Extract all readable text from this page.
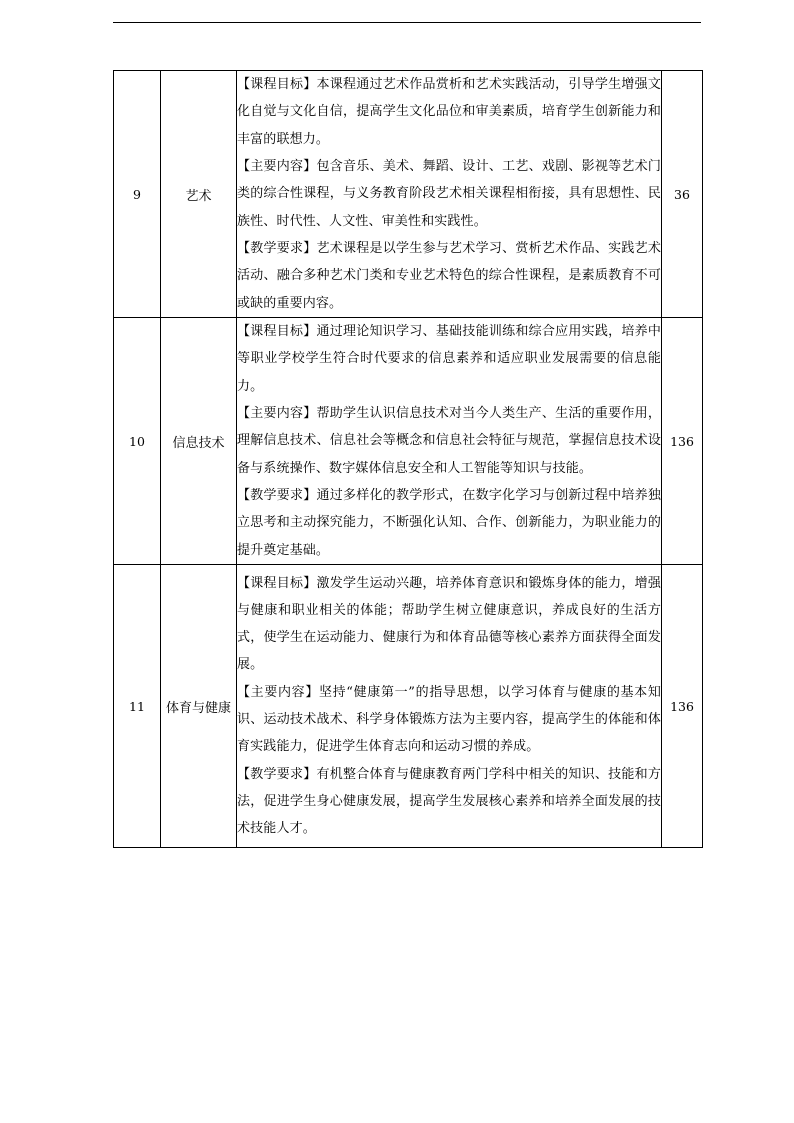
9	艺术	【课程目标】本课程通过艺术作品赏析和艺术实践活动，引导学生增强文化自觉与文化自信，提高学生文化品位和审美素质，培育学生创新能力和丰富的联想力。
【主要内容】包含音乐、美术、舞蹈、设计、工艺、戏剧、影视等艺术门类的综合性课程，与义务教育阶段艺术相关课程相衔接，具有思想性、民族性、时代性、人文性、审美性和实践性。
【教学要求】艺术课程是以学生参与艺术学习、赏析艺术作品、实践艺术活动、融合多种艺术门类和专业艺术特色的综合性课程，是素质教育不可或缺的重要内容。	36
10	信息技术	【课程目标】通过理论知识学习、基础技能训练和综合应用实践，培养中等职业学校学生符合时代要求的信息素养和适应职业发展需要的信息能力。
【主要内容】帮助学生认识信息技术对当今人类生产、生活的重要作用，理解信息技术、信息社会等概念和信息社会特征与规范，掌握信息技术设备与系统操作、数字媒体信息安全和人工智能等知识与技能。
【教学要求】通过多样化的教学形式，在数字化学习与创新过程中培养独立思考和主动探究能力，不断强化认知、合作、创新能力，为职业能力的提升奠定基础。	136
11	体育与健康	【课程目标】激发学生运动兴趣，培养体育意识和锻炼身体的能力，增强与健康和职业相关的体能；帮助学生树立健康意识，养成良好的生活方式，使学生在运动能力、健康行为和体育品德等核心素养方面获得全面发展。
【主要内容】坚持“健康第一”的指导思想，以学习体育与健康的基本知识、运动技术战术、科学身体锻炼方法为主要内容，提高学生的体能和体育实践能力，促进学生体育志向和运动习惯的养成。
【教学要求】有机整合体育与健康教育两门学科中相关的知识、技能和方法，促进学生身心健康发展，提高学生发展核心素养和培养全面发展的技术技能人才。	136
